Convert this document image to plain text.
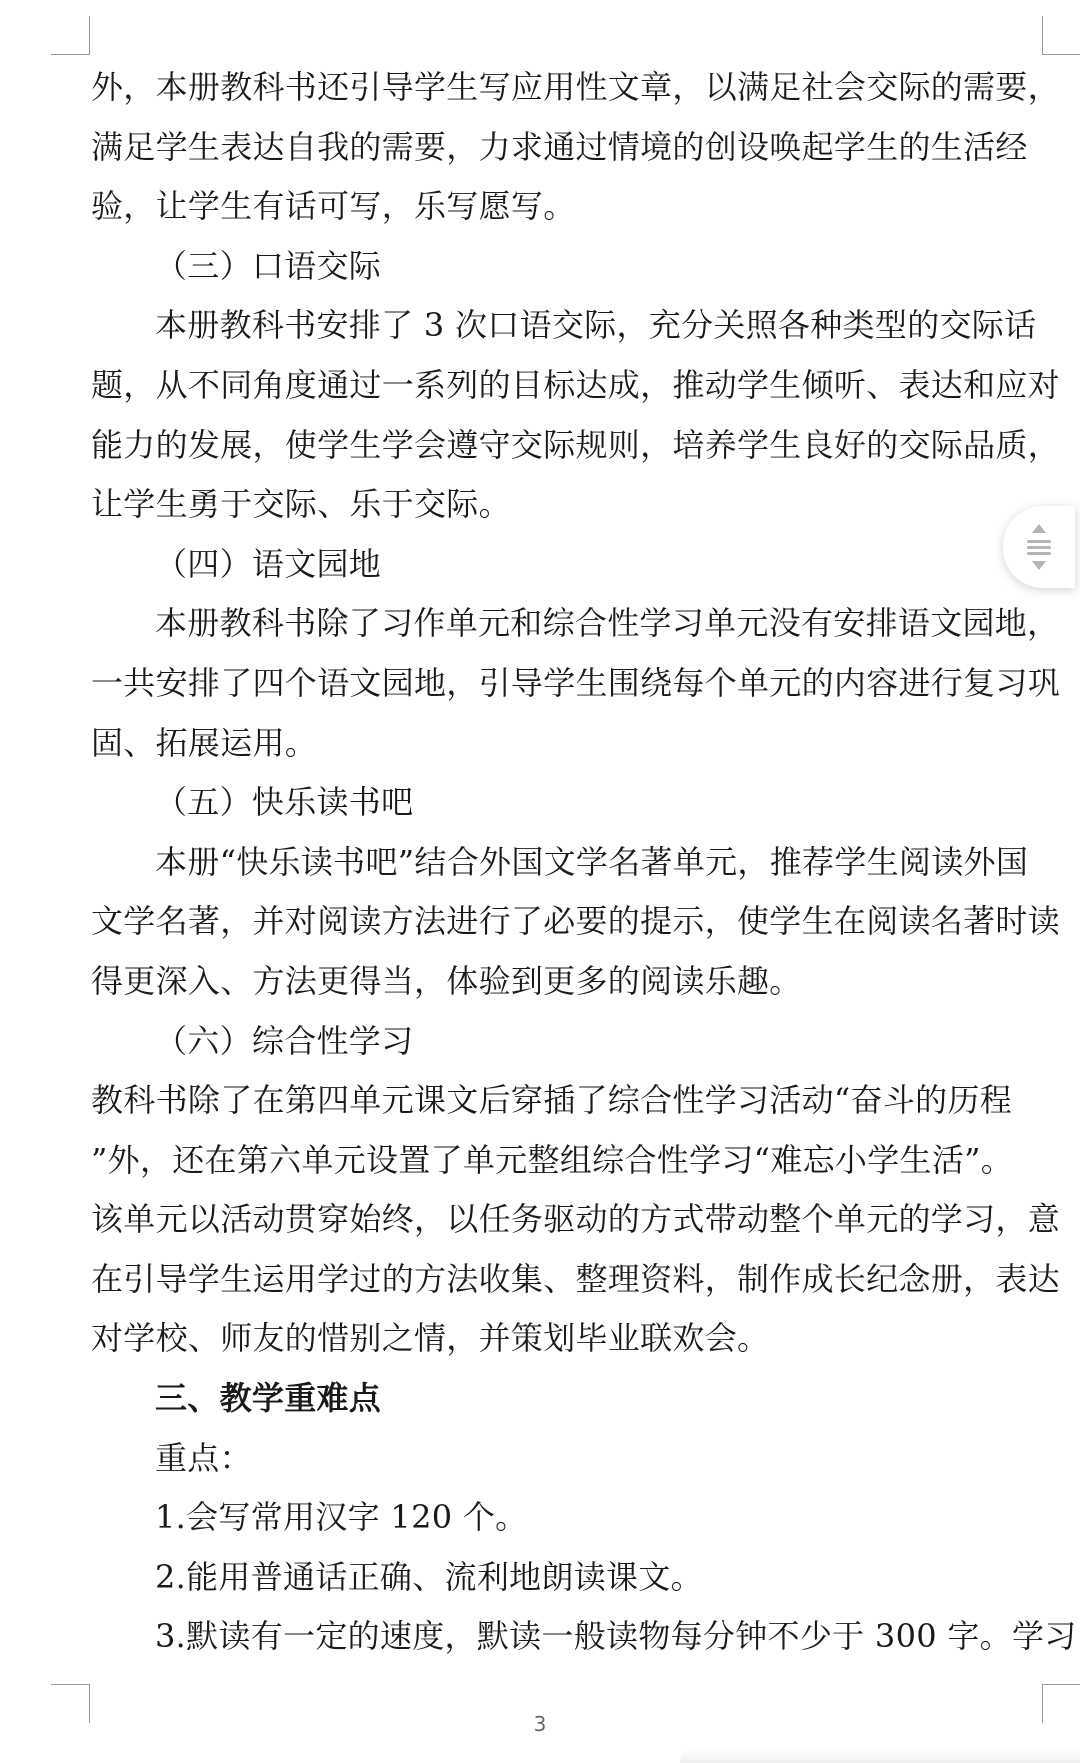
外，本册教科书还引导学生写应用性文章，以满足社会交际的需要，
满足学生表达自我的需要，力求通过情境的创设唤起学生的生活经
验，让学生有话可写，乐写愿写。
（三）口语交际
本册教科书安排了 3 次口语交际，充分关照各种类型的交际话
题，从不同角度通过一系列的目标达成，推动学生倾听、表达和应对
能力的发展，使学生学会遵守交际规则，培养学生良好的交际品质，
让学生勇于交际、乐于交际。
（四）语文园地
本册教科书除了习作单元和综合性学习单元没有安排语文园地，
一共安排了四个语文园地，引导学生围绕每个单元的内容进行复习巩
固、拓展运用。
（五）快乐读书吧
本册“快乐读书吧”结合外国文学名著单元，推荐学生阅读外国
文学名著，并对阅读方法进行了必要的提示，使学生在阅读名著时读
得更深入、方法更得当，体验到更多的阅读乐趣。
（六）综合性学习
教科书除了在第四单元课文后穿插了综合性学习活动“奋斗的历程
”外，还在第六单元设置了单元整组综合性学习“难忘小学生活”。
该单元以活动贯穿始终，以任务驱动的方式带动整个单元的学习，意
在引导学生运用学过的方法收集、整理资料，制作成长纪念册，表达
对学校、师友的惜别之情，并策划毕业联欢会。
三、教学重难点
重点：
1.会写常用汉字 120 个。
2.能用普通话正确、流利地朗读课文。
3.默读有一定的速度，默读一般读物每分钟不少于 300 字。学习
3
